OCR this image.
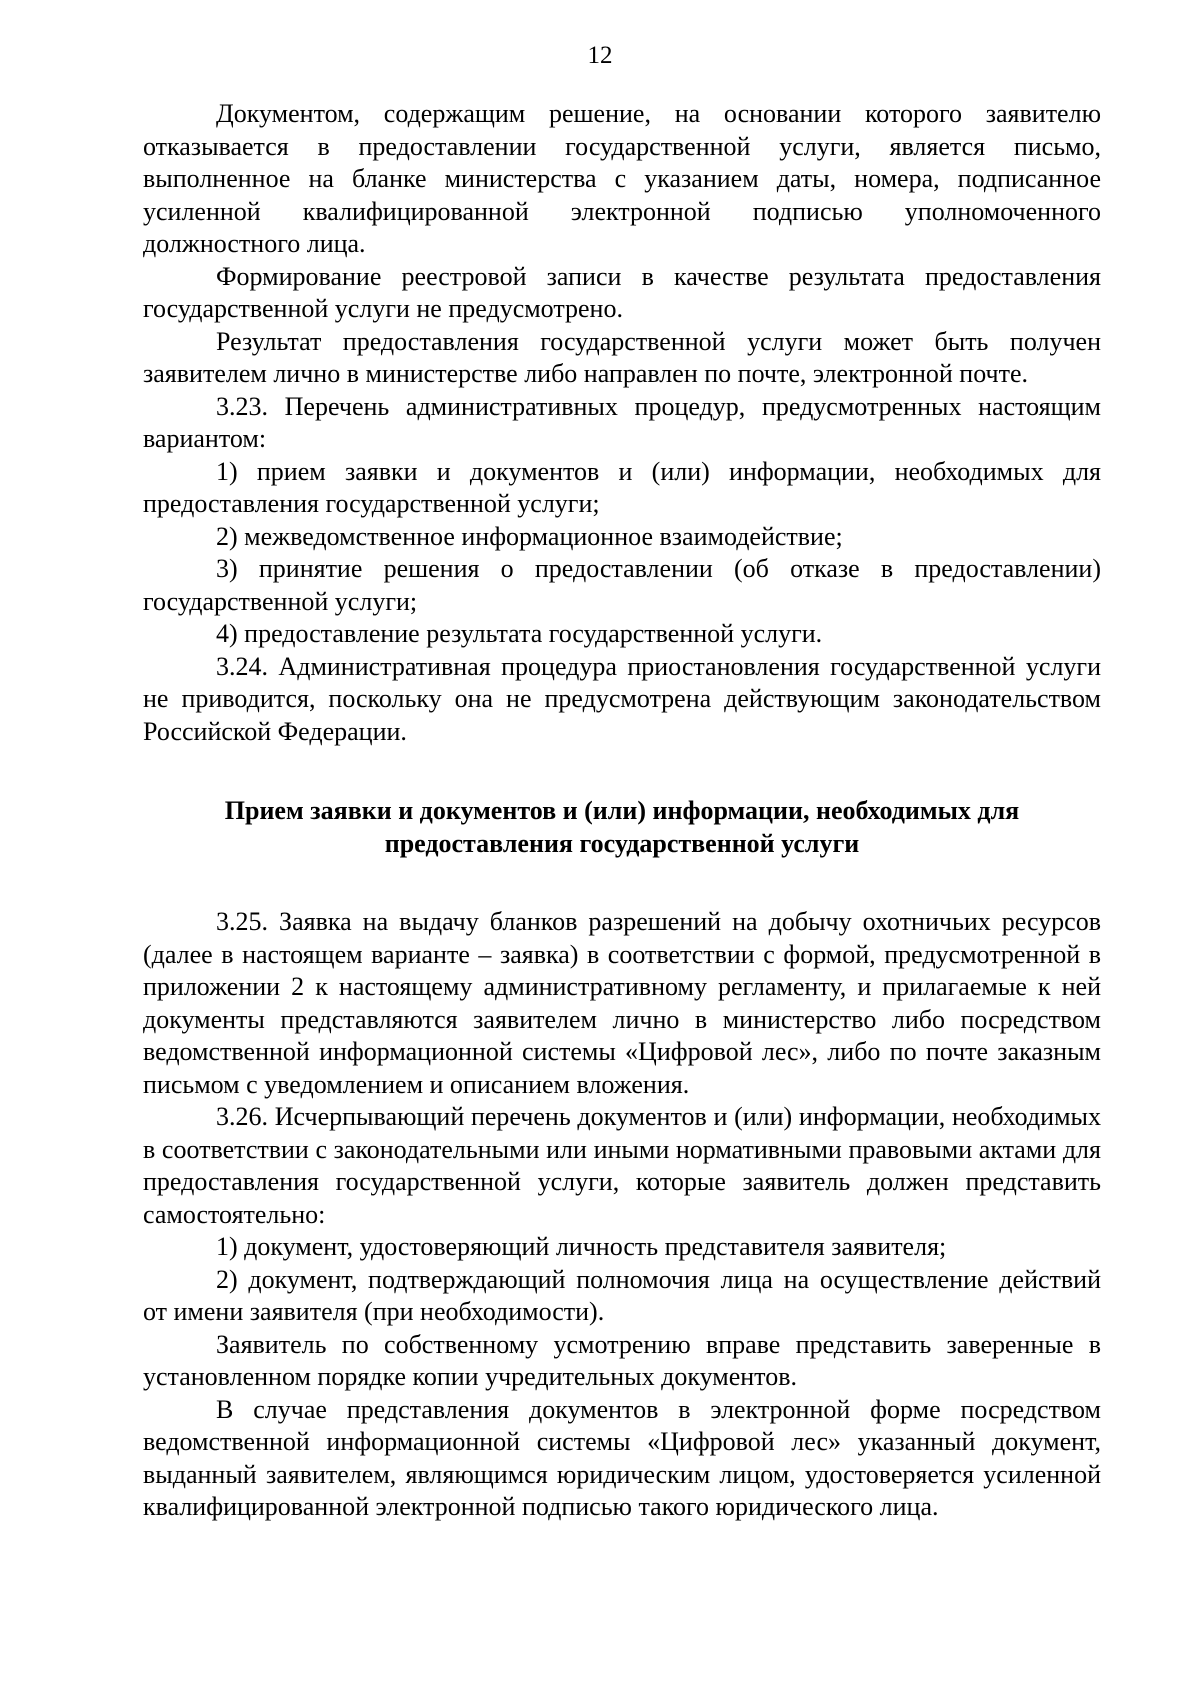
12

Документом, содержащим решение, на основании которого заявителю отказывается в предоставлении государственной услуги, является письмо, выполненное на бланке министерства с указанием даты, номера, подписанное усиленной квалифицированной электронной подписью уполномоченного должностного лица.

Формирование реестровой записи в качестве результата предоставления государственной услуги не предусмотрено.

Результат предоставления государственной услуги может быть получен заявителем лично в министерстве либо направлен по почте, электронной почте.

3.23. Перечень административных процедур, предусмотренных настоящим вариантом:

1) прием заявки и документов и (или) информации, необходимых для предоставления государственной услуги;

2) межведомственное информационное взаимодействие;

3) принятие решения о предоставлении (об отказе в предоставлении) государственной услуги;

4) предоставление результата государственной услуги.

3.24. Административная процедура приостановления государственной услуги не приводится, поскольку она не предусмотрена действующим законодательством Российской Федерации.

Прием заявки и документов и (или) информации, необходимых для
предоставления государственной услуги

3.25. Заявка на выдачу бланков разрешений на добычу охотничьих ресурсов (далее в настоящем варианте – заявка) в соответствии с формой, предусмотренной в приложении 2 к настоящему административному регламенту, и прилагаемые к ней документы представляются заявителем лично в министерство либо посредством ведомственной информационной системы «Цифровой лес», либо по почте заказным письмом с уведомлением и описанием вложения.

3.26. Исчерпывающий перечень документов и (или) информации, необходимых в соответствии с законодательными или иными нормативными правовыми актами для предоставления государственной услуги, которые заявитель должен представить самостоятельно:

1) документ, удостоверяющий личность представителя заявителя;

2) документ, подтверждающий полномочия лица на осуществление действий от имени заявителя (при необходимости).

Заявитель по собственному усмотрению вправе представить заверенные в установленном порядке копии учредительных документов.

В случае представления документов в электронной форме посредством ведомственной информационной системы «Цифровой лес» указанный документ, выданный заявителем, являющимся юридическим лицом, удостоверяется усиленной квалифицированной электронной подписью такого юридического лица.
